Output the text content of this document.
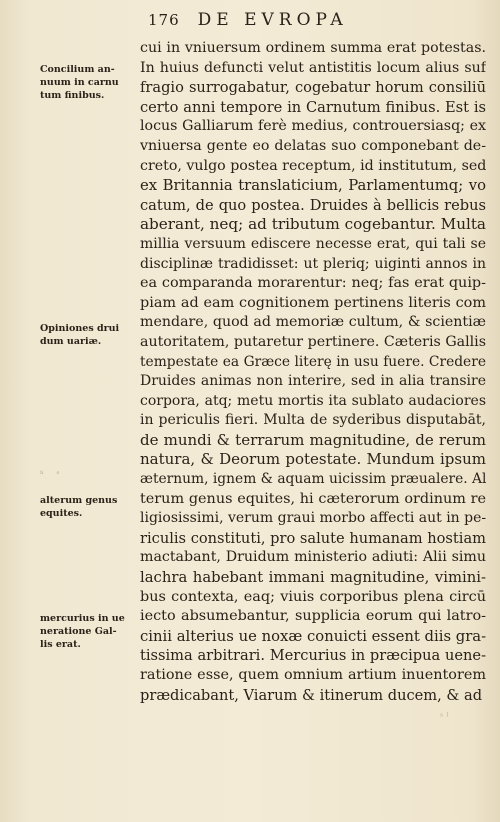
176 DE EVROPA
Concilium an-
nuum in carnu
tum finibus.
Opiniones drui
dum uariæ.
ʰ   ˢ
alterum genus
equites.
mercurius in ue
neratione Gal-
lis erat.
cui in vniuersum ordinem summa erat potestas.
In huius defuncti velut antistitis locum alius suf
fragio surrogabatur, cogebatur horum consiliū
certo anni tempore in Carnutum finibus. Est is
locus Galliarum ferè medius, controuersiasq; ex
vniuersa gente eo delatas suo componebant de-
creto, vulgo postea receptum, id institutum, sed
ex Britannia translaticium, Parlamentumq; vo
catum, de quo postea. Druides à bellicis rebus
aberant, neq; ad tributum cogebantur. Multa
millia versuum ediscere necesse erat, qui tali se
disciplinæ tradidisset: ut pleriq; uiginti annos in
ea comparanda morarentur: neq; fas erat quip-
piam ad eam cognitionem pertinens literis com
mendare, quod ad memoriæ cultum, & scientiæ
autoritatem, putaretur pertinere. Cæteris Gallis
tempestate ea Græce literę in usu fuere. Credere
Druides animas non interire, sed in alia transire
corpora, atq; metu mortis ita sublato audaciores
in periculis fieri. Multa de syderibus disputabāt,
de mundi & terrarum magnitudine, de rerum
natura, & Deorum potestate. Mundum ipsum
æternum, ignem & aquam uicissim præualere. Al
terum genus equites, hi cæterorum ordinum re
ligiosissimi, verum graui morbo affecti aut in pe-
riculis constituti, pro salute humanam hostiam
mactabant, Druidum ministerio adiuti: Alii simu
lachra habebant immani magnitudine, vimini-
bus contexta, eaq; viuis corporibus plena circū
iecto absumebantur, supplicia eorum qui latro-
cinii alterius ue noxæ conuicti essent diis gra-
tissima arbitrari. Mercurius in præcipua uene-
ratione esse, quem omnium artium inuentorem
prædicabant, Viarum & itinerum ducem, & ad
ˢ ˡ
